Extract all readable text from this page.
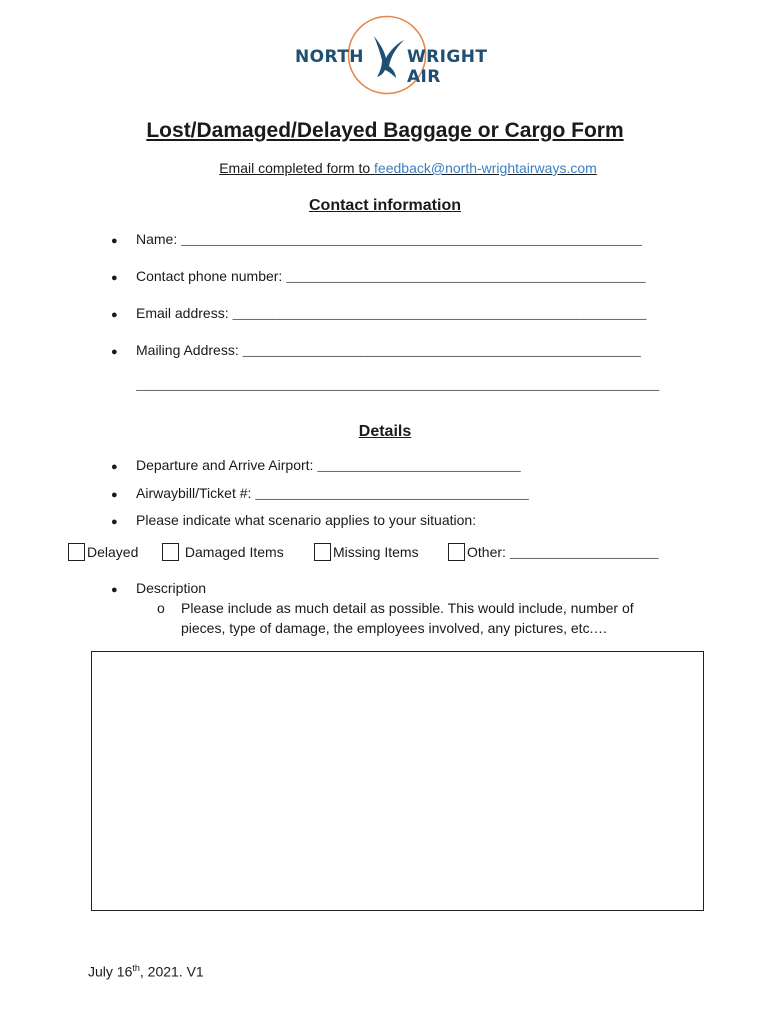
NORTH	WRIGHT AIR
Lost/Damaged/Delayed Baggage or Cargo Form
Email completed form to feedback@north-wrightairways.com
Contact information
●	Name:
___________________________________________________________
●	Contact phone number:
______________________________________________
●	Email address:
_____________________________________________________
●	Mailing Address:
___________________________________________________
___________________________________________________________________
Details
●	Departure and Arrive Airport:
__________________________
●	Airwaybill/Ticket #:
___________________________________
●	Please indicate what scenario applies to your situation:
Delayed	Damaged Items	Missing Items	Other: ___________________
●	Description
o	Please include as much detail as possible. This would include, number of pieces, type of damage, the employees involved, any pictures, etc.…
July 16th, 2021. V1
